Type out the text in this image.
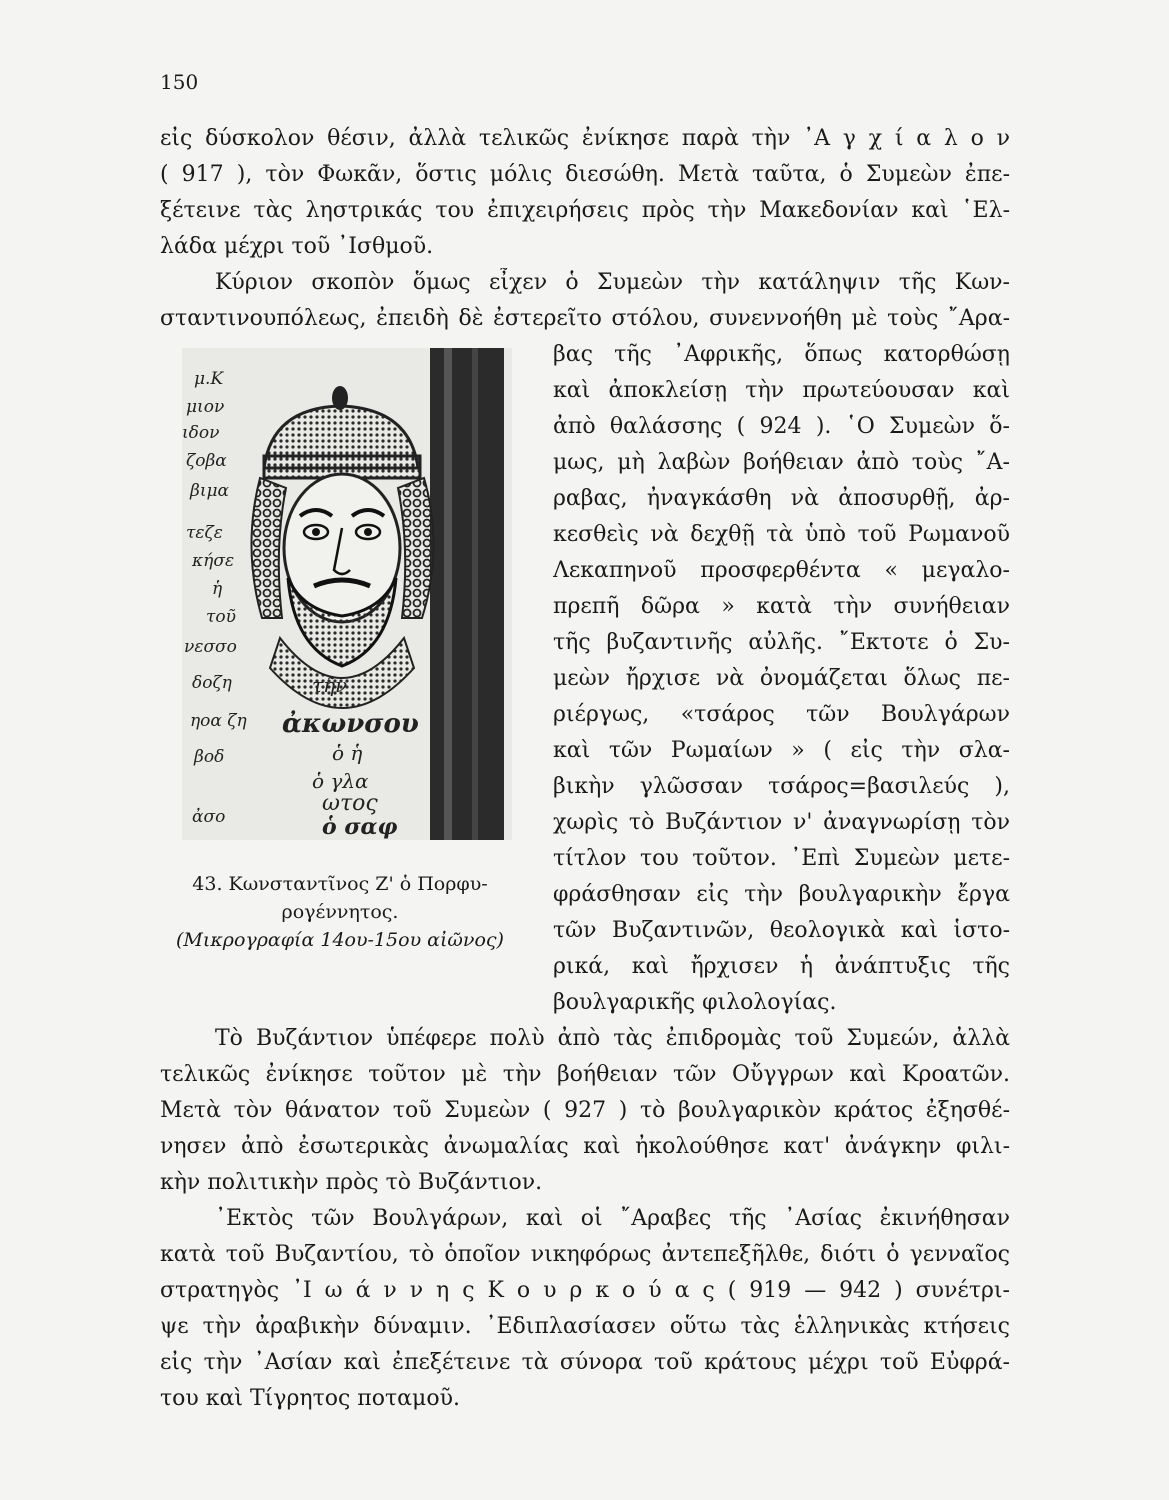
150
μ.Κ
μιον
ιδον
ζοβα
βιμα
τεζε
κήσε
ἡ
τοῦ
νεσσο
δοζη
ηοα ζη
βοδ
ἀσο
τῆν
ἀκωνσου
ὁ ἡ
ὁ γλα
ωτος
ὁ σαφ
43. Κωνσταντῖνος Ζ' ὁ Πορφυ-
ρογέννητος.
(Μικρογραφία 14ου-15ου αἰῶνος)
εἰς δύσκολον θέσιν, ἀλλὰ τελικῶς ἐνίκησε παρὰ τὴν ᾿Α γ χ ί α λ ο ν
( 917 ), τὸν Φωκᾶν, ὅστις μόλις διεσώθη. Μετὰ ταῦτα, ὁ Συμεὼν ἐπε-
ξέτεινε τὰς ληστρικάς του ἐπιχειρήσεις πρὸς τὴν Μακεδονίαν καὶ ῾Ελ-
λάδα μέχρι τοῦ ᾿Ισθμοῦ.
Κύριον σκοπὸν ὅμως εἶχεν ὁ Συμεὼν τὴν κατάληψιν τῆς Κων-
σταντινουπόλεως, ἐπειδὴ δὲ ἐστερεῖτο στόλου, συνεννοήθη μὲ τοὺς ῎Αρα-
βας τῆς ᾿Αφρικῆς, ὅπως κατορθώσῃ
καὶ ἀποκλείσῃ τὴν πρωτεύουσαν καὶ
ἀπὸ θαλάσσης ( 924 ). ῾Ο Συμεὼν ὅ-
μως, μὴ λαβὼν βοήθειαν ἀπὸ τοὺς ῎Α-
ραβας, ἠναγκάσθη νὰ ἀποσυρθῇ, ἀρ-
κεσθεὶς νὰ δεχθῇ τὰ ὑπὸ τοῦ Ρωμανοῦ
Λεκαπηνοῦ προσφερθέντα « μεγαλο-
πρεπῆ δῶρα » κατὰ τὴν συνήθειαν
τῆς βυζαντινῆς αὐλῆς. ῎Εκτοτε ὁ Συ-
μεὼν ἤρχισε νὰ ὀνομάζεται ὅλως πε-
ριέργως, «τσάρος τῶν Βουλγάρων
καὶ τῶν Ρωμαίων » ( εἰς τὴν σλα-
βικὴν γλῶσσαν τσάρος=βασιλεύς ),
χωρὶς τὸ Βυζάντιον ν' ἀναγνωρίσῃ τὸν
τίτλον του τοῦτον. ᾿Επὶ Συμεὼν μετε-
φράσθησαν εἰς τὴν βουλγαρικὴν ἔργα
τῶν Βυζαντινῶν, θεολογικὰ καὶ ἱστο-
ρικά, καὶ ἤρχισεν ἡ ἀνάπτυξις τῆς
βουλγαρικῆς φιλολογίας.
Τὸ Βυζάντιον ὑπέφερε πολὺ ἀπὸ τὰς ἐπιδρομὰς τοῦ Συμεών, ἀλλὰ
τελικῶς ἐνίκησε τοῦτον μὲ τὴν βοήθειαν τῶν Οὔγγρων καὶ Κροατῶν.
Μετὰ τὸν θάνατον τοῦ Συμεὼν ( 927 ) τὸ βουλγαρικὸν κράτος ἐξησθέ-
νησεν ἀπὸ ἐσωτερικὰς ἀνωμαλίας καὶ ἠκολούθησε κατ' ἀνάγκην φιλι-
κὴν πολιτικὴν πρὸς τὸ Βυζάντιον.
᾿Εκτὸς τῶν Βουλγάρων, καὶ οἱ ῎Αραβες τῆς ᾿Ασίας ἐκινήθησαν
κατὰ τοῦ Βυζαντίου, τὸ ὁποῖον νικηφόρως ἀντεπεξῆλθε, διότι ὁ γενναῖος
στρατηγὸς ᾿Ι ω ά ν ν η ς Κ ο υ ρ κ ο ύ α ς ( 919 — 942 ) συνέτρι-
ψε τὴν ἀραβικὴν δύναμιν. ᾿Εδιπλασίασεν οὕτω τὰς ἑλληνικὰς κτήσεις
εἰς τὴν ᾿Ασίαν καὶ ἐπεξέτεινε τὰ σύνορα τοῦ κράτους μέχρι τοῦ Εὐφρά-
του καὶ Τίγρητος ποταμοῦ.
